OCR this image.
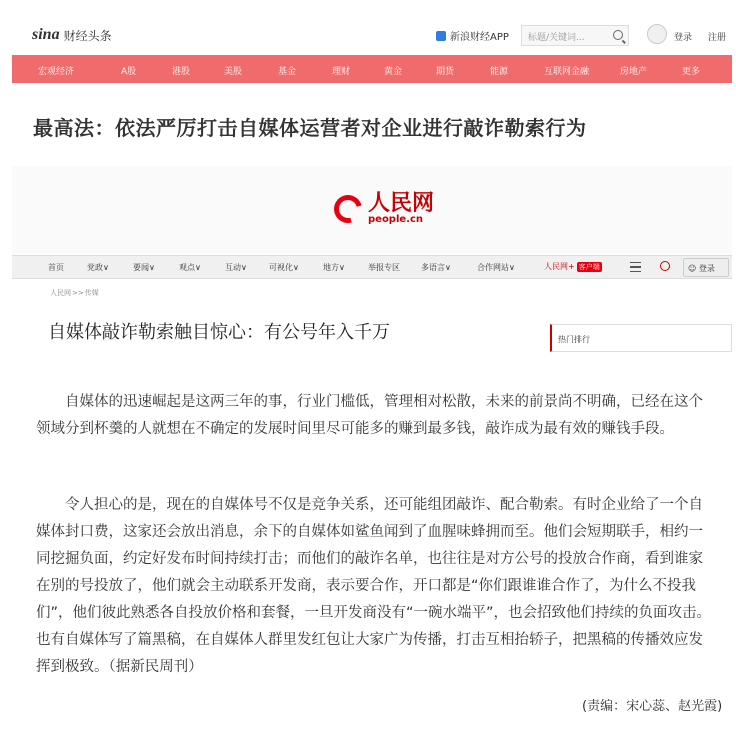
sina 财经头条	新浪财经APP	标题/关键词...	登录 注册
宏观经济	A股	港股	美股	基金	理财	黄金	期货	能源	互联网金融	房地产	更多
最高法：依法严厉打击自媒体运营者对企业进行敲诈勒索行为
人民网
people.cn
首页	党政∨	要闻∨	观点∨	互动∨	可视化∨	地方∨	举报专区	多语言∨	合作网站∨	人民网+ 客户端	☺ 登录
人民网>>传媒
自媒体敲诈勒索触目惊心：有公号年入千万	热门排行

自媒体的迅速崛起是这两三年的事，行业门槛低，管理相对松散，未来的前景尚不明确，已经在这个领域分到杯羹的人就想在不确定的发展时间里尽可能多的赚到最多钱，敲诈成为最有效的赚钱手段。

令人担心的是，现在的自媒体号不仅是竞争关系，还可能组团敲诈、配合勒索。有时企业给了一个自媒体封口费，这家还会放出消息，余下的自媒体如鲨鱼闻到了血腥味蜂拥而至。他们会短期联手，相约一同挖掘负面，约定好发布时间持续打击；而他们的敲诈名单，也往往是对方公号的投放合作商，看到谁家在别的号投放了，他们就会主动联系开发商，表示要合作，开口都是“你们跟谁谁合作了，为什么不投我们”，他们彼此熟悉各自投放价格和套餐，一旦开发商没有“一碗水端平”，也会招致他们持续的负面攻击。也有自媒体写了篇黑稿，在自媒体人群里发红包让大家广为传播，打击互相抬轿子，把黑稿的传播效应发挥到极致。（据新民周刊）

(责编：宋心蕊、赵光霞)
